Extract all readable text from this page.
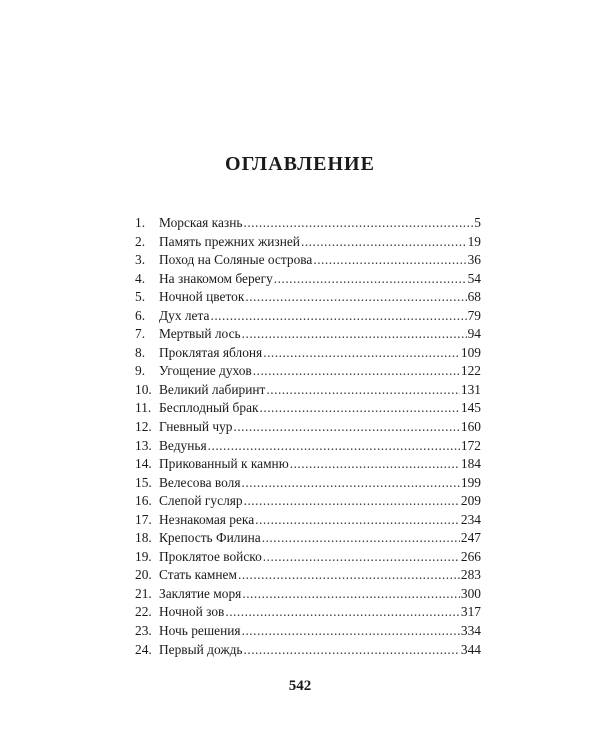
ОГЛАВЛЕНИЕ
1.	Морская казнь .....	5
2.	Память прежних жизней .....	19
3.	Поход на Соляные острова .....	36
4.	На знакомом берегу .....	54
5.	Ночной цветок .....	68
6.	Дух лета .....	79
7.	Мертвый лось .....	94
8.	Проклятая яблоня .....	109
9.	Угощение духов .....	122
10. Великий лабиринт .....	131
11. Бесплодный брак .....	145
12. Гневный чур .....	160
13. Ведунья .....	172
14. Прикованный к камню .....	184
15. Велесова воля .....	199
16. Слепой гусляр .....	209
17. Незнакомая река .....	234
18. Крепость Филина .....	247
19. Проклятое войско .....	266
20. Стать камнем .....	283
21. Заклятие моря .....	300
22. Ночной зов .....	317
23. Ночь решения .....	334
24. Первый дождь .....	344
542
